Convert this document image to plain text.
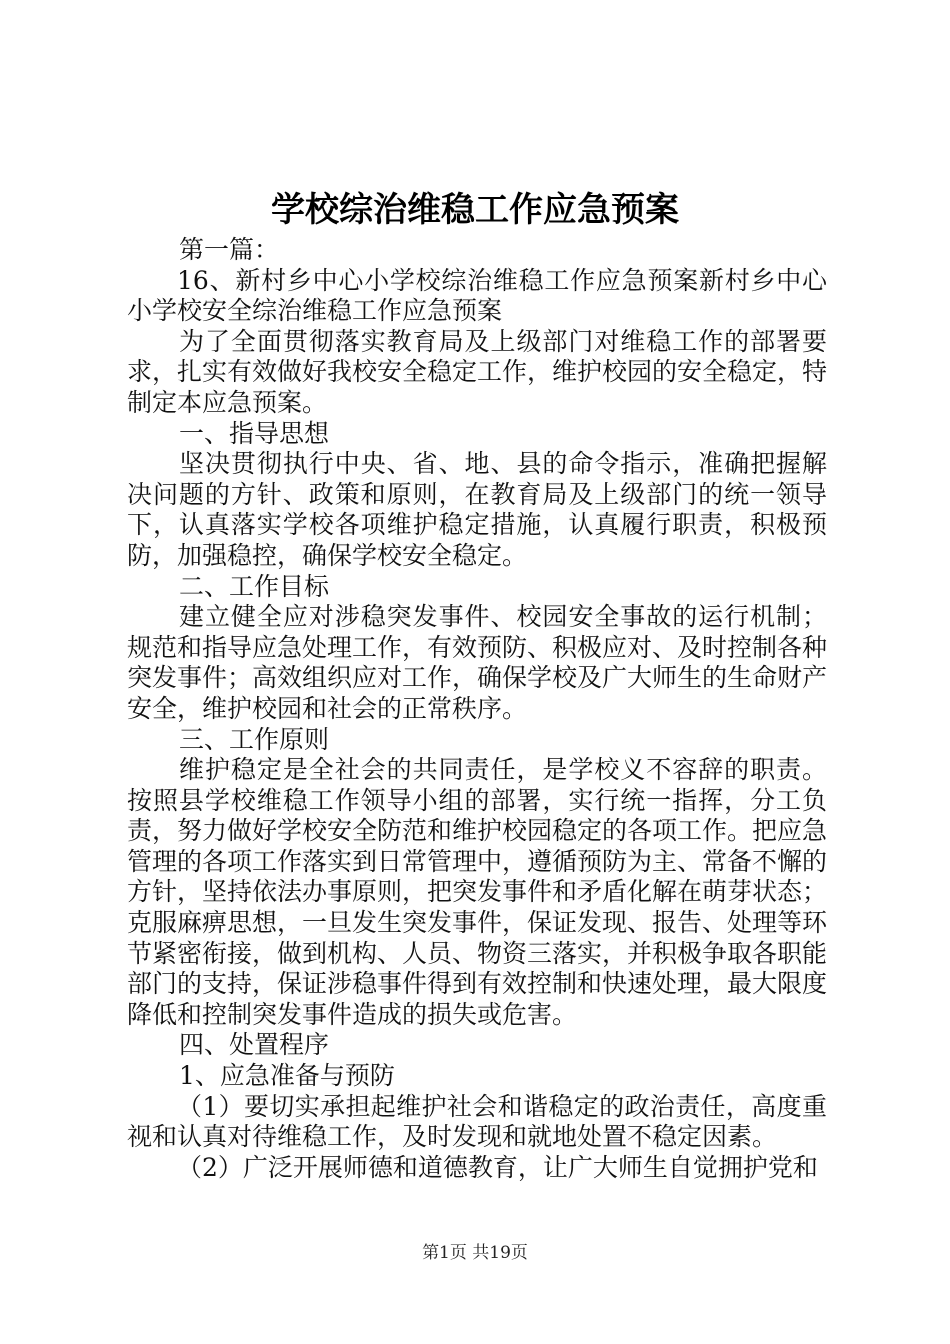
学校综治维稳工作应急预案

第一篇：

16、新村乡中心小学校综治维稳工作应急预案新村乡中心小学校安全综治维稳工作应急预案

为了全面贯彻落实教育局及上级部门对维稳工作的部署要求，扎实有效做好我校安全稳定工作，维护校园的安全稳定，特制定本应急预案。

一、指导思想

坚决贯彻执行中央、省、地、县的命令指示，准确把握解决问题的方针、政策和原则，在教育局及上级部门的统一领导下，认真落实学校各项维护稳定措施，认真履行职责，积极预防，加强稳控，确保学校安全稳定。

二、工作目标

建立健全应对涉稳突发事件、校园安全事故的运行机制；规范和指导应急处理工作，有效预防、积极应对、及时控制各种突发事件；高效组织应对工作，确保学校及广大师生的生命财产安全，维护校园和社会的正常秩序。

三、工作原则

维护稳定是全社会的共同责任，是学校义不容辞的职责。按照县学校维稳工作领导小组的部署，实行统一指挥，分工负责，努力做好学校安全防范和维护校园稳定的各项工作。把应急管理的各项工作落实到日常管理中，遵循预防为主、常备不懈的方针，坚持依法办事原则，把突发事件和矛盾化解在萌芽状态；克服麻痹思想，一旦发生突发事件，保证发现、报告、处理等环节紧密衔接，做到机构、人员、物资三落实，并积极争取各职能部门的支持，保证涉稳事件得到有效控制和快速处理，最大限度降低和控制突发事件造成的损失或危害。

四、处置程序

1、应急准备与预防

（1）要切实承担起维护社会和谐稳定的政治责任，高度重视和认真对待维稳工作，及时发现和就地处置不稳定因素。

（2）广泛开展师德和道德教育，让广大师生自觉拥护党和

第1页 共19页
